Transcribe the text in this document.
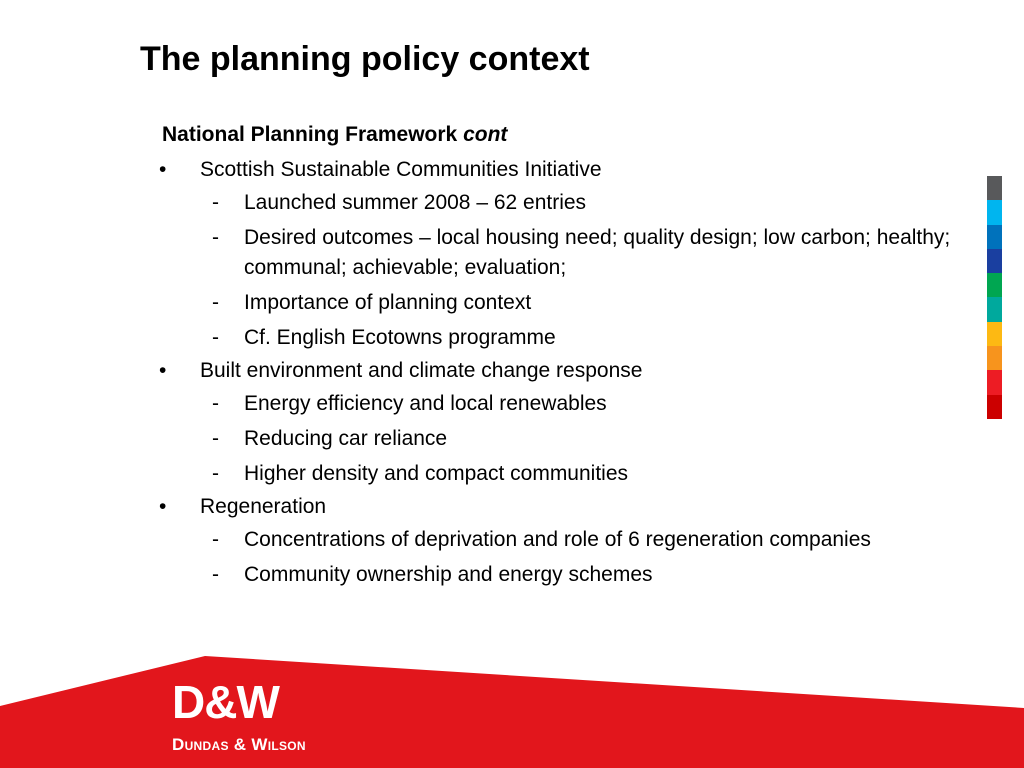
The planning policy context
National Planning Framework cont
• Scottish Sustainable Communities Initiative
- Launched summer 2008 – 62 entries
- Desired outcomes – local housing need; quality design; low carbon; healthy; communal; achievable; evaluation;
- Importance of planning context
- Cf. English Ecotowns programme
• Built environment and climate change response
- Energy efficiency and local renewables
- Reducing car reliance
- Higher density and compact communities
• Regeneration
- Concentrations of deprivation and role of 6 regeneration companies
- Community ownership and energy schemes
D&W
Dundas & Wilson
